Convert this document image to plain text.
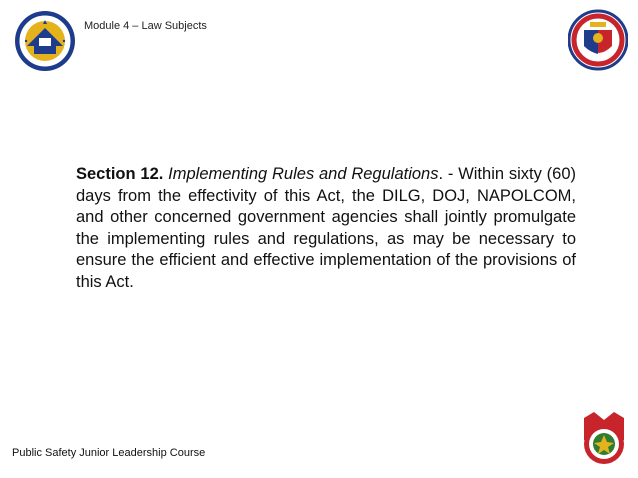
Module 4 – Law Subjects
Section 12. Implementing Rules and Regulations. - Within sixty (60) days from the effectivity of this Act, the DILG, DOJ, NAPOLCOM, and other concerned government agencies shall jointly promulgate the implementing rules and regulations, as may be necessary to ensure the efficient and effective implementation of the provisions of this Act.
Public Safety Junior Leadership Course
